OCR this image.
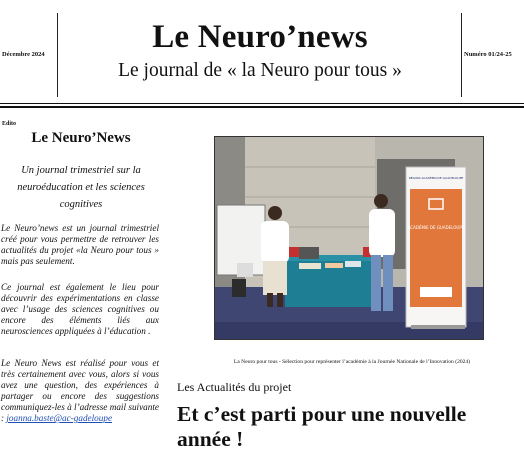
Décembre 2024	Le Neuro’news
Le journal de « la Neuro pour tous »
Numéro 01/24-25
Edito
Le Neuro’News
Un journal trimestriel sur la neuroéducation et les sciences cognitives
Le Neuro’news est un journal trimestriel créé pour vous permettre de retrouver les actualités du projet «la Neuro pour tous » mais pas seulement.
Ce journal est également le lieu pour découvrir des expérimentations en classe avec l’usage des sciences cognitives ou encore des éléments liés aux neurosciences appliquées à l’éducation .
Le Neuro News est réalisé pour vous et très certainement avec vous, alors si vous avez une question, des expériences à partager ou encore des suggestions communiquez-les à l’adresse mail suivante : joanna.baste@ac-gadeloupe
ACADÉMIE DE GUADELOUPE
RÉGION ACADÉMIQUE GUADELOUPE
La Neuro pour tous - Sélection pour représenter l’académie à la Journée Nationale de l’Innovation (2024)
Les Actualités du projet
Et c’est parti pour une nouvelle année !
